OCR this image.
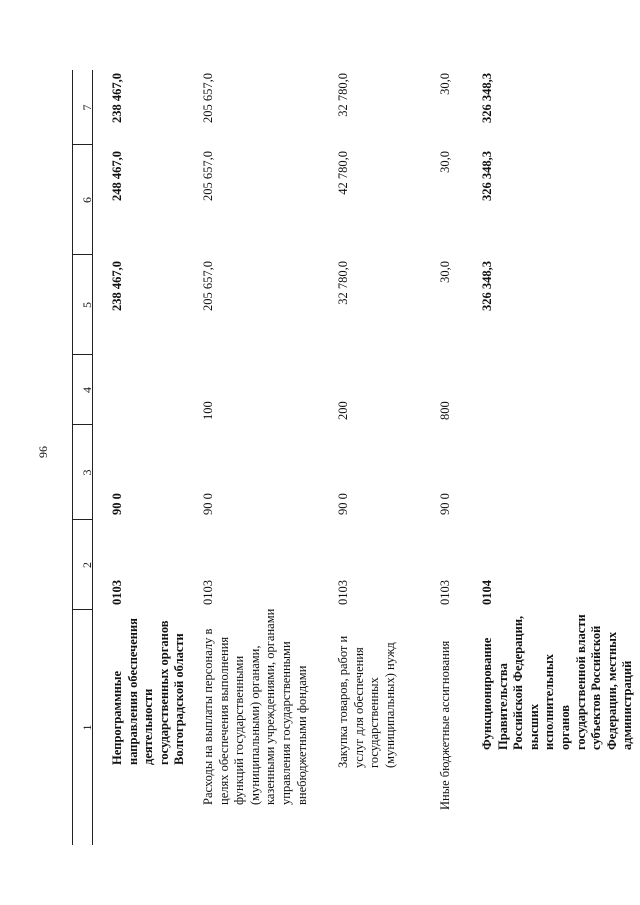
96
1
2
3
4
5
6
7
Непрограммные направления обеспечения деятельности государственных органов Волгоградской области
0103
90 0
238 467,0
248 467,0
238 467,0
Расходы на выплаты персоналу в целях обеспечения выполнения функций государственными (муниципальными) органами, казенными учреждениями, органами управления государственными внебюджетными фондами
0103
90 0
100
205 657,0
205 657,0
205 657,0
Закупка товаров, работ и услуг для обеспечения государственных (муниципальных) нужд
0103
90 0
200
32 780,0
42 780,0
32 780,0
Иные бюджетные ассигнования
0103
90 0
800
30,0
30,0
30,0
Функционирование Правительства Российской Федерации, высших исполнительных органов государственной власти субъектов Российской Федерации, местных администраций
0104
326 348,3
326 348,3
326 348,3
